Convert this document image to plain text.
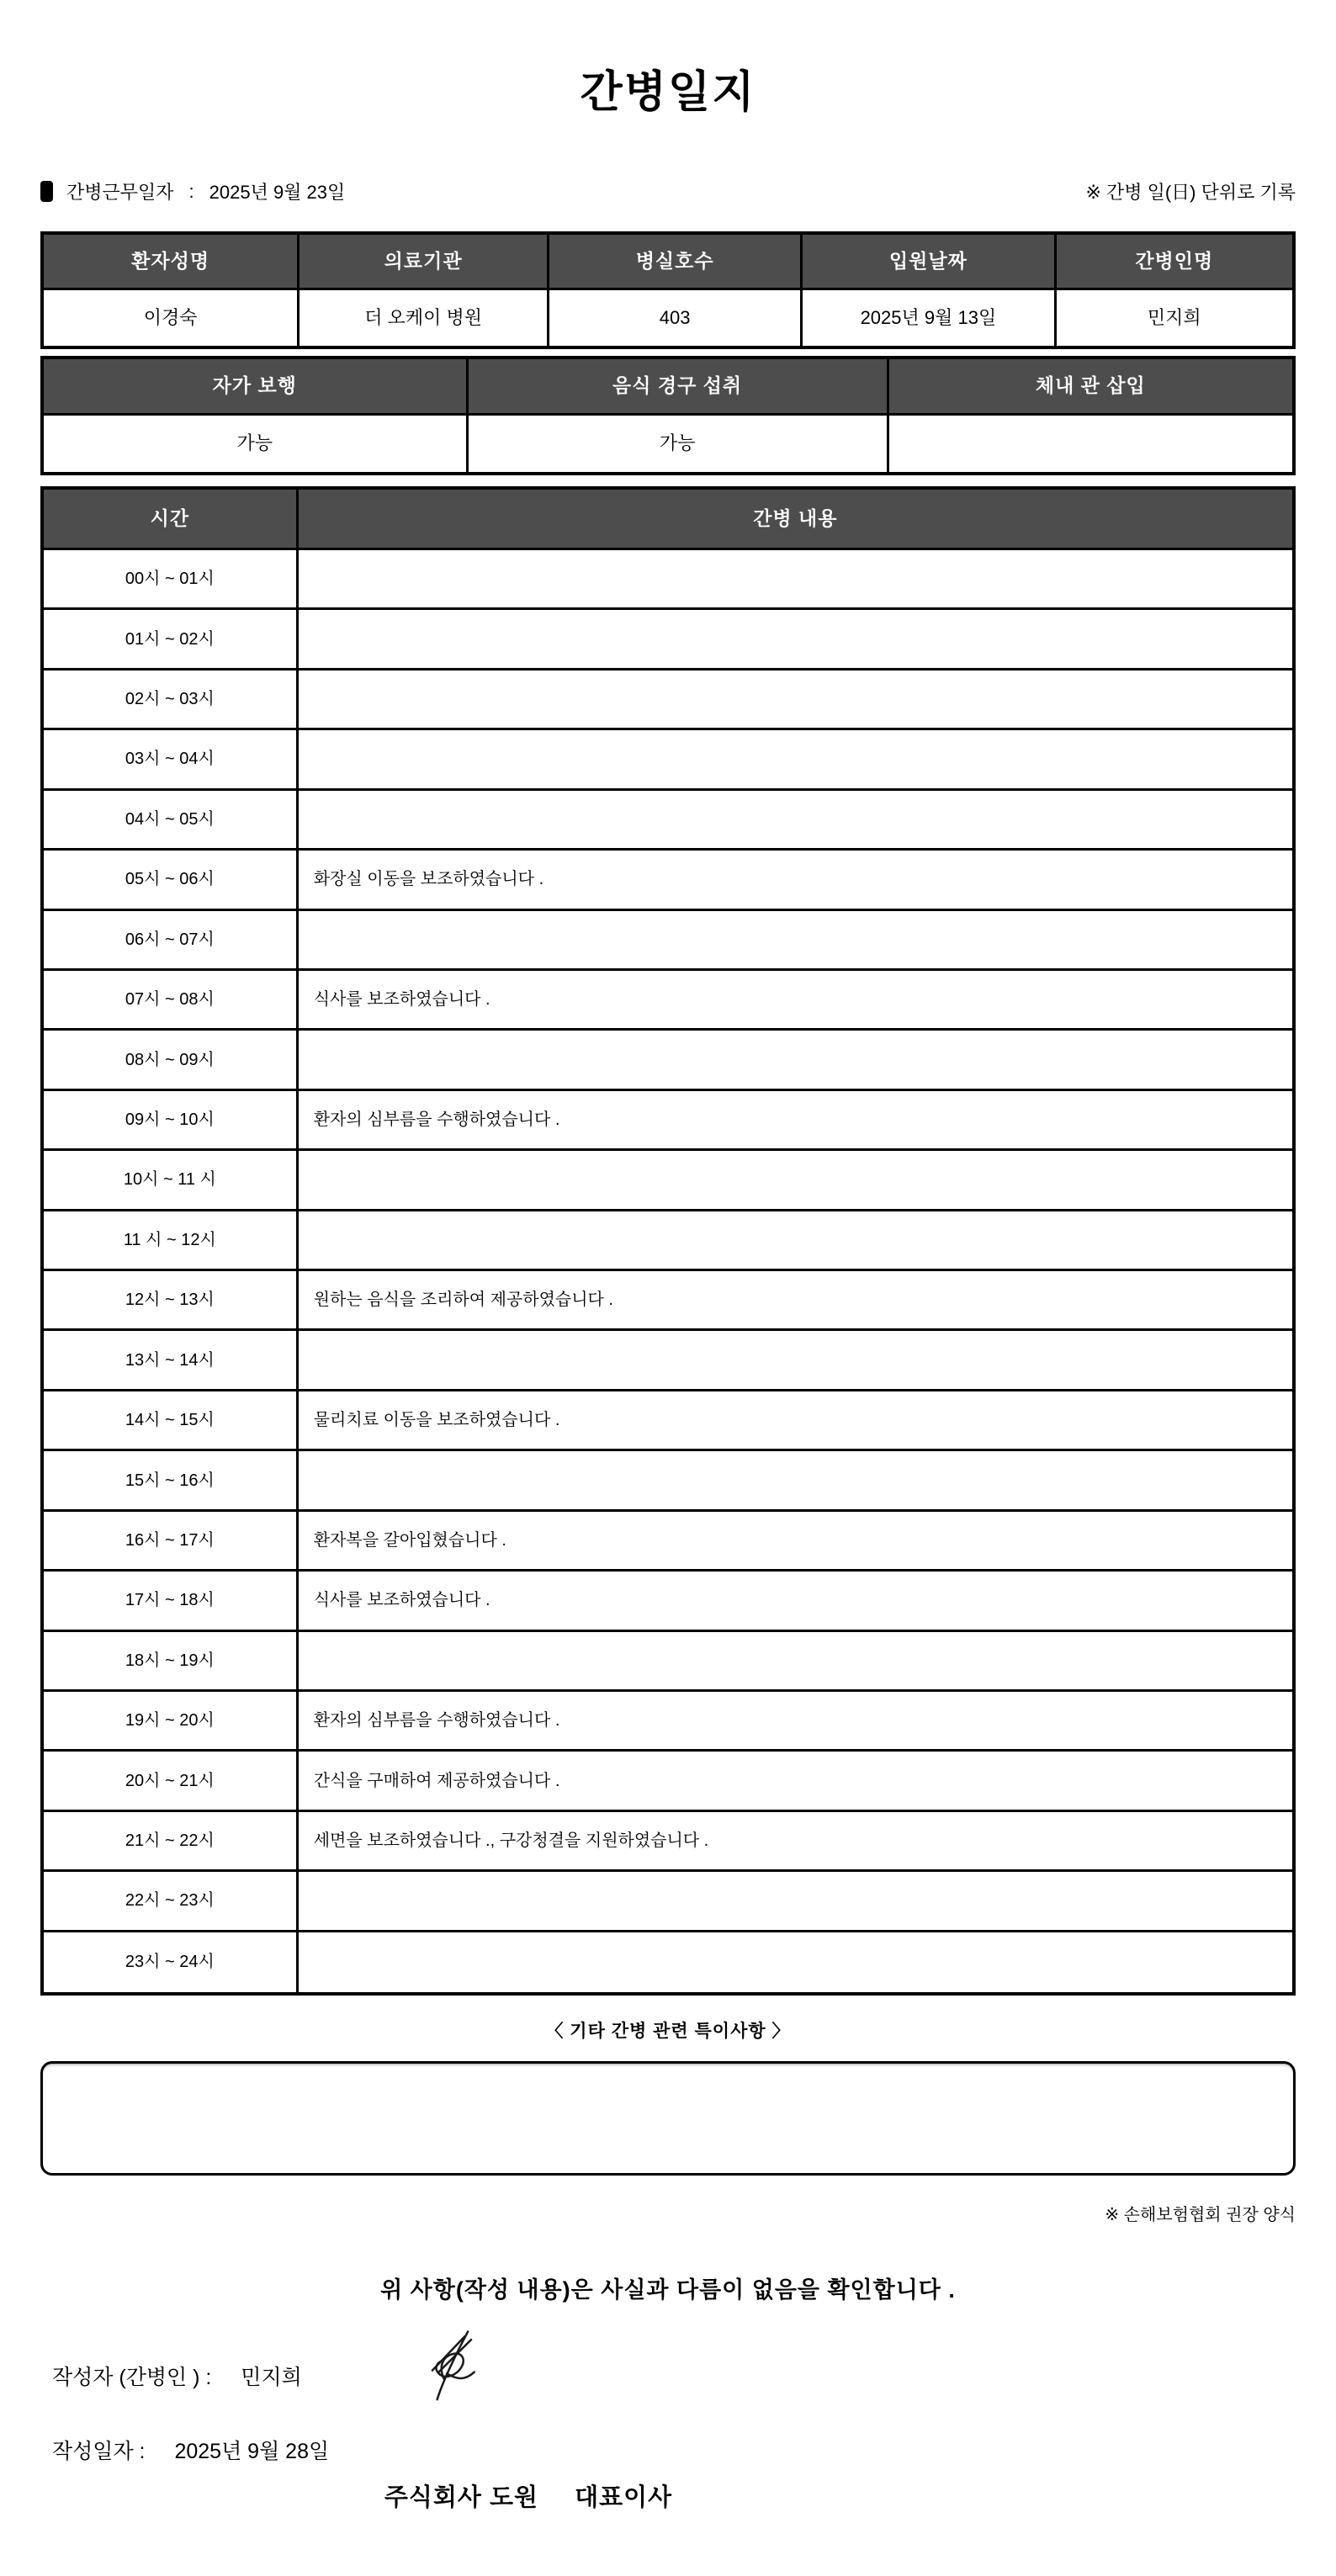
간병일지
간병근무일자 : 2025년 9월 23일	※ 간병 일(日) 단위로 기록
환자성명	의료기관	병실호수	입원날짜	간병인명
이경숙	더 오케이 병원	403	2025년 9월 13일	민지희
자가 보행	음식 경구 섭취	체내 관 삽입
가능	가능
시간	간병 내용
00시 ~ 01시
01시 ~ 02시
02시 ~ 03시
03시 ~ 04시
04시 ~ 05시
05시 ~ 06시	화장실 이동을 보조하였습니다 .
06시 ~ 07시
07시 ~ 08시	식사를 보조하였습니다 .
08시 ~ 09시
09시 ~ 10시	환자의 심부름을 수행하였습니다 .
10시 ~ 11 시
11 시 ~ 12시
12시 ~ 13시	원하는 음식을 조리하여 제공하였습니다 .
13시 ~ 14시
14시 ~ 15시	물리치료 이동을 보조하였습니다 .
15시 ~ 16시
16시 ~ 17시	환자복을 갈아입혔습니다 .
17시 ~ 18시	식사를 보조하였습니다 .
18시 ~ 19시
19시 ~ 20시	환자의 심부름을 수행하였습니다 .
20시 ~ 21시	간식을 구매하여 제공하였습니다 .
21시 ~ 22시	세면을 보조하였습니다 ., 구강청결을 지원하였습니다 .
22시 ~ 23시
23시 ~ 24시
〈 기타 간병 관련 특이사항 〉
※ 손해보험협회 권장 양식
위 사항(작성 내용)은 사실과 다름이 없음을 확인합니다 .
작성자 (간병인 ) : 민지희
작성일자 : 2025년 9월 28일
주식회사 도원 대표이사
